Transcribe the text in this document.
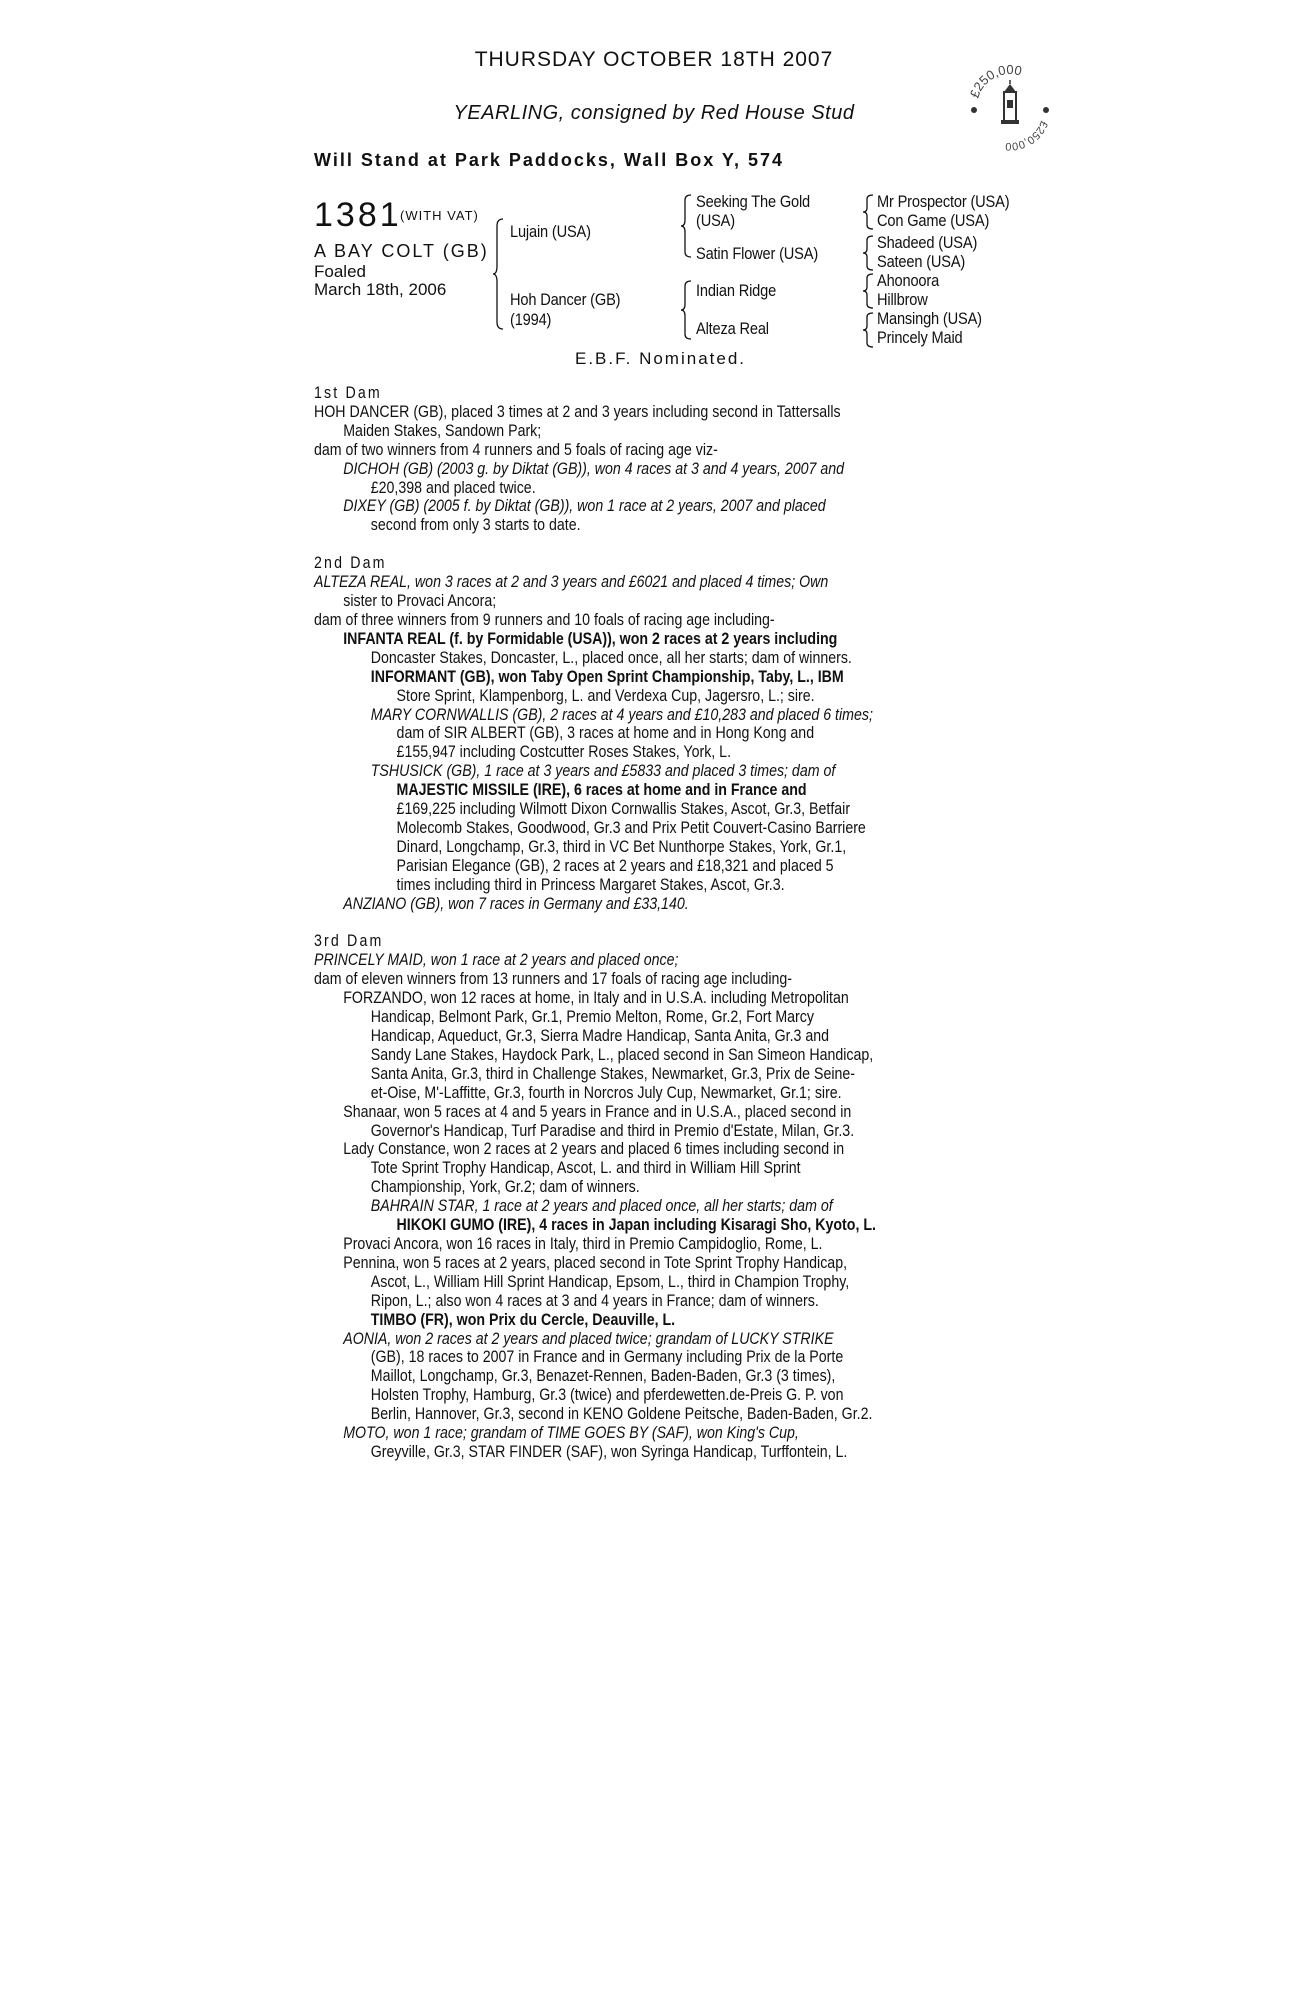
THURSDAY OCTOBER 18TH 2007
YEARLING, consigned by Red House Stud
Will Stand at Park Paddocks, Wall Box Y, 574
£250,000
£250,000
1381
(WITH VAT)
A BAY COLT (GB)
Foaled
March 18th, 2006
Lujain (USA)
Hoh Dancer (GB)
(1994)
Seeking The Gold
(USA)
Satin Flower (USA)
Indian Ridge
Alteza Real
Mr Prospector (USA)
Con Game (USA)
Shadeed (USA)
Sateen (USA)
Ahonoora
Hillbrow
Mansingh (USA)
Princely Maid
E.B.F. Nominated.
1st Dam
HOH DANCER (GB), placed 3 times at 2 and 3 years including second in Tattersalls
Maiden Stakes, Sandown Park;
dam of two winners from 4 runners and 5 foals of racing age viz-
DICHOH (GB) (2003 g. by Diktat (GB)), won 4 races at 3 and 4 years, 2007 and
£20,398 and placed twice.
DIXEY (GB) (2005 f. by Diktat (GB)), won 1 race at 2 years, 2007 and placed
second from only 3 starts to date.
2nd Dam
ALTEZA REAL, won 3 races at 2 and 3 years and £6021 and placed 4 times; Own
sister to Provaci Ancora;
dam of three winners from 9 runners and 10 foals of racing age including-
INFANTA REAL (f. by Formidable (USA)), won 2 races at 2 years including
Doncaster Stakes, Doncaster, L., placed once, all her starts; dam of winners.
INFORMANT (GB), won Taby Open Sprint Championship, Taby, L., IBM
Store Sprint, Klampenborg, L. and Verdexa Cup, Jagersro, L.; sire.
MARY CORNWALLIS (GB), 2 races at 4 years and £10,283 and placed 6 times;
dam of SIR ALBERT (GB), 3 races at home and in Hong Kong and
£155,947 including Costcutter Roses Stakes, York, L.
TSHUSICK (GB), 1 race at 3 years and £5833 and placed 3 times; dam of
MAJESTIC MISSILE (IRE), 6 races at home and in France and
£169,225 including Wilmott Dixon Cornwallis Stakes, Ascot, Gr.3, Betfair
Molecomb Stakes, Goodwood, Gr.3 and Prix Petit Couvert-Casino Barriere
Dinard, Longchamp, Gr.3, third in VC Bet Nunthorpe Stakes, York, Gr.1,
Parisian Elegance (GB), 2 races at 2 years and £18,321 and placed 5
times including third in Princess Margaret Stakes, Ascot, Gr.3.
ANZIANO (GB), won 7 races in Germany and £33,140.
3rd Dam
PRINCELY MAID, won 1 race at 2 years and placed once;
dam of eleven winners from 13 runners and 17 foals of racing age including-
FORZANDO, won 12 races at home, in Italy and in U.S.A. including Metropolitan
Handicap, Belmont Park, Gr.1, Premio Melton, Rome, Gr.2, Fort Marcy
Handicap, Aqueduct, Gr.3, Sierra Madre Handicap, Santa Anita, Gr.3 and
Sandy Lane Stakes, Haydock Park, L., placed second in San Simeon Handicap,
Santa Anita, Gr.3, third in Challenge Stakes, Newmarket, Gr.3, Prix de Seine-
et-Oise, M'-Laffitte, Gr.3, fourth in Norcros July Cup, Newmarket, Gr.1; sire.
Shanaar, won 5 races at 4 and 5 years in France and in U.S.A., placed second in
Governor's Handicap, Turf Paradise and third in Premio d'Estate, Milan, Gr.3.
Lady Constance, won 2 races at 2 years and placed 6 times including second in
Tote Sprint Trophy Handicap, Ascot, L. and third in William Hill Sprint
Championship, York, Gr.2; dam of winners.
BAHRAIN STAR, 1 race at 2 years and placed once, all her starts; dam of
HIKOKI GUMO (IRE), 4 races in Japan including Kisaragi Sho, Kyoto, L.
Provaci Ancora, won 16 races in Italy, third in Premio Campidoglio, Rome, L.
Pennina, won 5 races at 2 years, placed second in Tote Sprint Trophy Handicap,
Ascot, L., William Hill Sprint Handicap, Epsom, L., third in Champion Trophy,
Ripon, L.; also won 4 races at 3 and 4 years in France; dam of winners.
TIMBO (FR), won Prix du Cercle, Deauville, L.
AONIA, won 2 races at 2 years and placed twice; grandam of LUCKY STRIKE
(GB), 18 races to 2007 in France and in Germany including Prix de la Porte
Maillot, Longchamp, Gr.3, Benazet-Rennen, Baden-Baden, Gr.3 (3 times),
Holsten Trophy, Hamburg, Gr.3 (twice) and pferdewetten.de-Preis G. P. von
Berlin, Hannover, Gr.3, second in KENO Goldene Peitsche, Baden-Baden, Gr.2.
MOTO, won 1 race; grandam of TIME GOES BY (SAF), won King's Cup,
Greyville, Gr.3, STAR FINDER (SAF), won Syringa Handicap, Turffontein, L.
